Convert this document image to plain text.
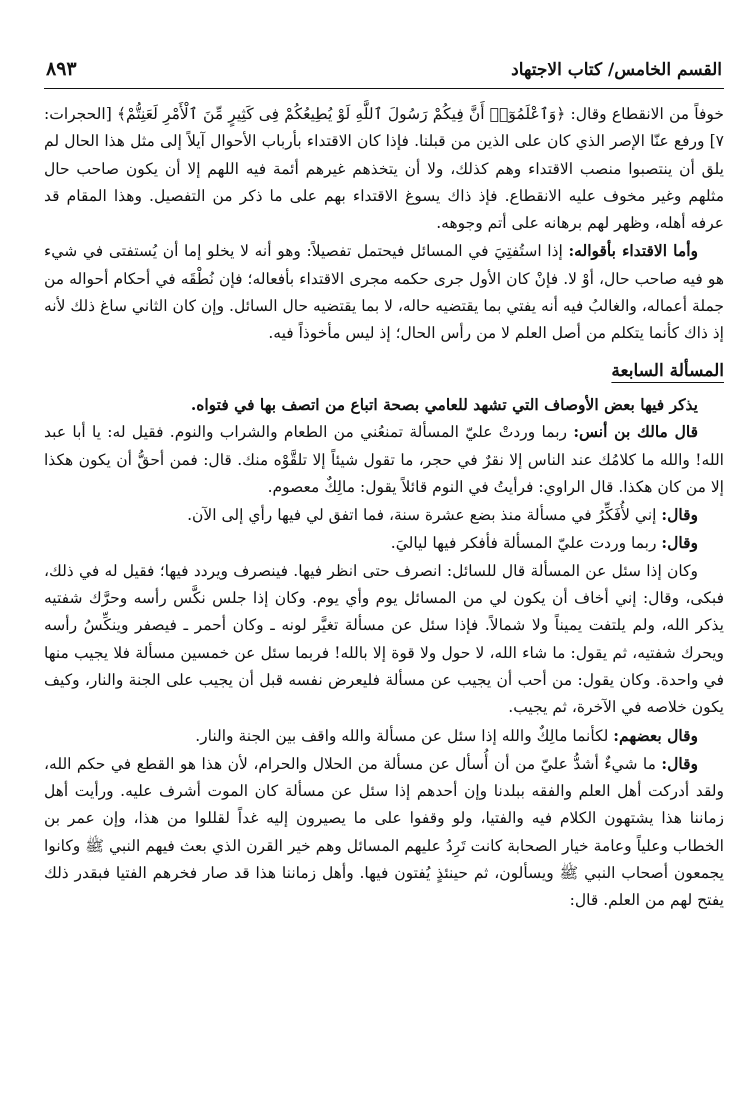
القسم الخامس/ كتاب الاجتهاد
٨٩٣

خوفاً من الانقطاع وقال: ﴿وَٱعْلَمُوٓا۟ أَنَّ فِيكُمْ رَسُولَ ٱللَّهِ لَوْ يُطِيعُكُمْ فِى كَثِيرٍ مِّنَ ٱلْأَمْرِ لَعَنِتُّمْ﴾ [الحجرات: ٧] ورفع عنّا الإصر الذي كان على الذين من قبلنا. فإذا كان الاقتداء بأرباب الأحوال آيلاً إلى مثل هذا الحال لم يلق أن ينتصبوا منصب الاقتداء وهم كذلك، ولا أن يتخذهم غيرهم أئمة فيه اللهم إلا أن يكون صاحب حال مثلهم وغير مخوف عليه الانقطاع. فإذ ذاك يسوغ الاقتداء بهم على ما ذكر من التفصيل. وهذا المقام قد عرفه أهله، وظهر لهم برهانه على أتم وجوهه.

وأما الاقتداء بأقواله: إذا استُفتِيَ في المسائل فيحتمل تفصيلاً: وهو أنه لا يخلو إما أن يُستفتى في شيء هو فيه صاحب حال، أوْ لا. فإنْ كان الأول جرى حكمه مجرى الاقتداء بأفعاله؛ فإن نُطْقَه في أحكام أحواله من جملة أعماله، والغالبُ فيه أنه يفتي بما يقتضيه حاله، لا بما يقتضيه حال السائل. وإن كان الثاني ساغ ذلك لأنه إذ ذاك كأنما يتكلم من أصل العلم لا من رأس الحال؛ إذ ليس مأخوذاً فيه.

المسألة السابعة

يذكر فيها بعض الأوصاف التي تشهد للعامي بصحة اتباع من اتصف بها في فتواه.

قال مالك بن أنس: ربما وردتْ عليّ المسألة تمنعُني من الطعام والشراب والنوم. فقيل له: يا أبا عبد الله! والله ما كلامُك عند الناس إلا نقرٌ في حجر، ما تقول شيئاً إلا تلقَّوْه منك. قال: فمن أحقُّ أن يكون هكذا إلا من كان هكذا. قال الراوي: فرأيتُ في النوم قائلاً يقول: مالِكٌ معصوم.

وقال: إني لأُفَكِّرُ في مسألة منذ بضع عشرة سنة، فما اتفق لي فيها رأي إلى الآن.

وقال: ربما وردت عليّ المسألة فأفكر فيها لياليَ.

وكان إذا سئل عن المسألة قال للسائل: انصرف حتى انظر فيها. فينصرف ويردد فيها؛ فقيل له في ذلك، فبكى، وقال: إني أخاف أن يكون لي من المسائل يوم وأي يوم. وكان إذا جلس نكَّس رأسه وحرَّك شفتيه يذكر الله، ولم يلتفت يميناً ولا شمالاً. فإذا سئل عن مسألة تغيَّر لونه ـ وكان أحمر ـ فيصفر وينكِّسُ رأسه ويحرك شفتيه، ثم يقول: ما شاء الله، لا حول ولا قوة إلا بالله! فربما سئل عن خمسين مسألة فلا يجيب منها في واحدة. وكان يقول: من أحب أن يجيب عن مسألة فليعرض نفسه قبل أن يجيب على الجنة والنار، وكيف يكون خلاصه في الآخرة، ثم يجيب.

وقال بعضهم: لكأنما مالِكٌ والله إذا سئل عن مسألة والله واقف بين الجنة والنار.

وقال: ما شيءٌ أشدُّ عليّ من أن أُسأل عن مسألة من الحلال والحرام، لأن هذا هو القطع في حكم الله، ولقد أدركت أهل العلم والفقه ببلدنا وإن أحدهم إذا سئل عن مسألة كان الموت أشرف عليه. ورأيت أهل زماننا هذا يشتهون الكلام فيه والفتيا، ولو وقفوا على ما يصيرون إليه غداً لقللوا من هذا، وإن عمر بن الخطاب وعلياً وعامة خيار الصحابة كانت تَرِدُ عليهم المسائل وهم خير القرن الذي بعث فيهم النبي ﷺ وكانوا يجمعون أصحاب النبي ﷺ ويسألون، ثم حينئذٍ يُفتون فيها. وأهل زماننا هذا قد صار فخرهم الفتيا فبقدر ذلك يفتح لهم من العلم. قال:
